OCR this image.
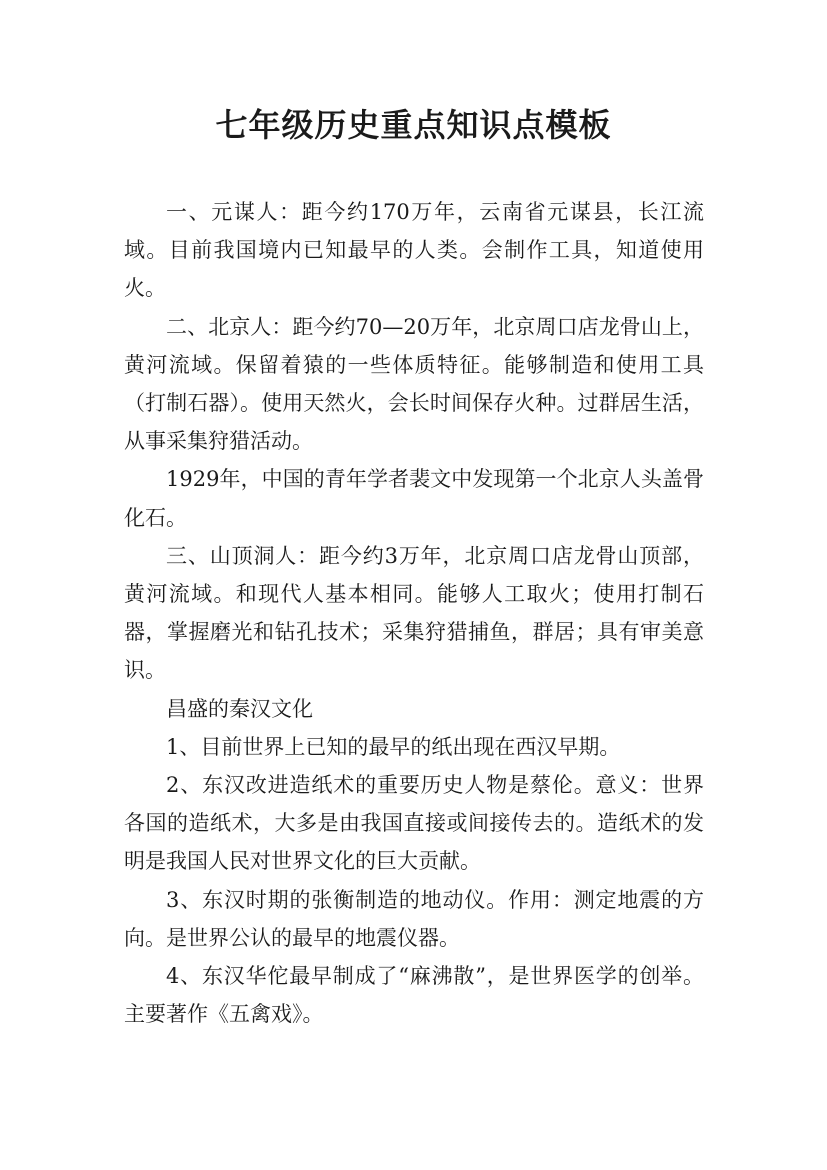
七年级历史重点知识点模板

一、元谋人：距今约170万年，云南省元谋县，长江流域。目前我国境内已知最早的人类。会制作工具，知道使用火。

二、北京人：距今约70—20万年，北京周口店龙骨山上，黄河流域。保留着猿的一些体质特征。能够制造和使用工具（打制石器）。使用天然火，会长时间保存火种。过群居生活，从事采集狩猎活动。

1929年，中国的青年学者裴文中发现第一个北京人头盖骨化石。

三、山顶洞人：距今约3万年，北京周口店龙骨山顶部，黄河流域。和现代人基本相同。能够人工取火；使用打制石器，掌握磨光和钻孔技术；采集狩猎捕鱼，群居；具有审美意识。

昌盛的秦汉文化

1、目前世界上已知的最早的纸出现在西汉早期。

2、东汉改进造纸术的重要历史人物是蔡伦。意义：世界各国的造纸术，大多是由我国直接或间接传去的。造纸术的发明是我国人民对世界文化的巨大贡献。

3、东汉时期的张衡制造的地动仪。作用：测定地震的方向。是世界公认的最早的地震仪器。

4、东汉华佗最早制成了“麻沸散”，是世界医学的创举。主要著作《五禽戏》。
